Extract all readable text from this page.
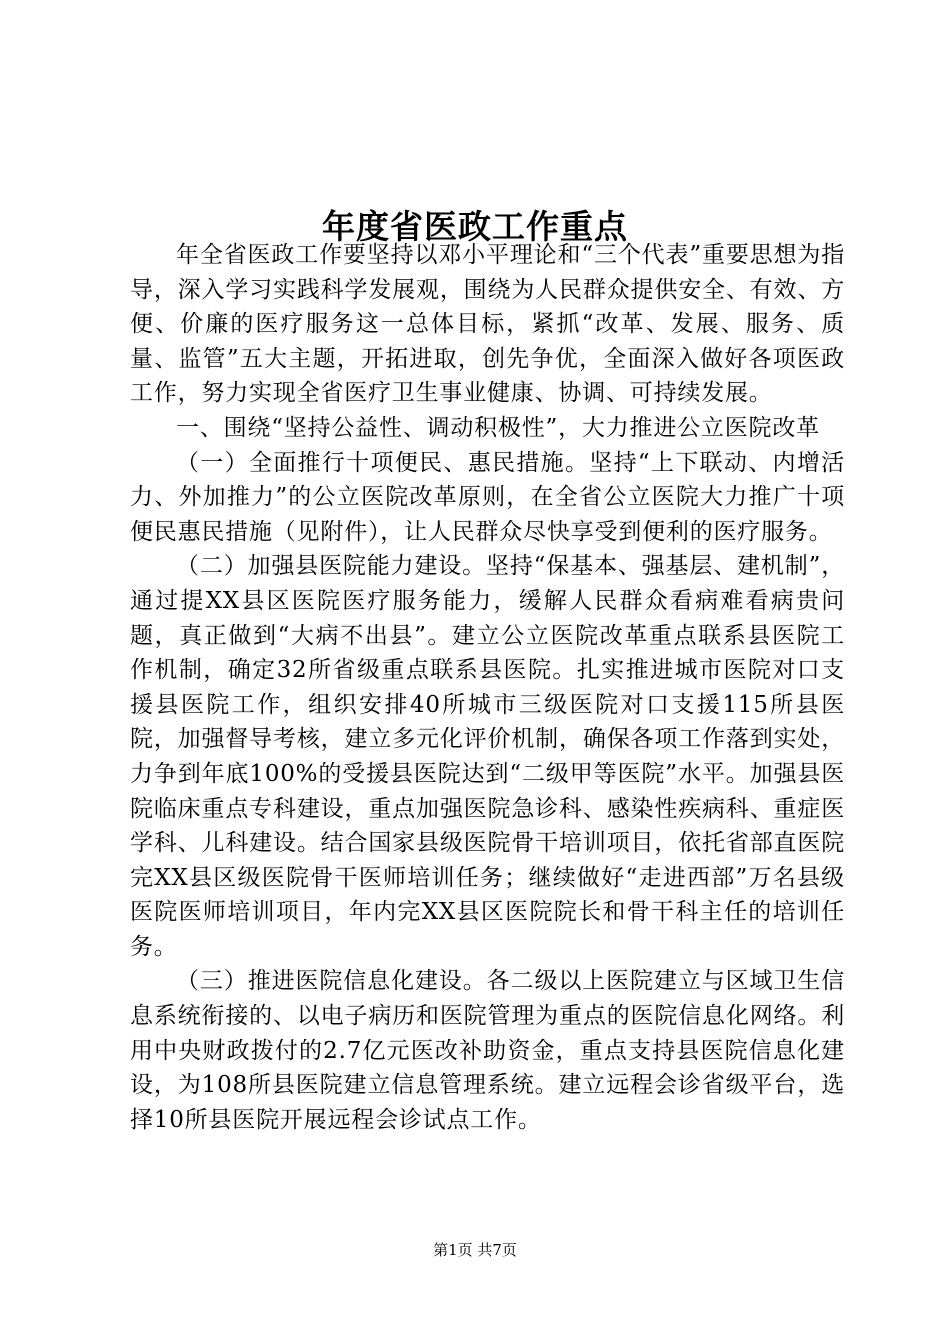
年度省医政工作重点

年全省医政工作要坚持以邓小平理论和“三个代表”重要思想为指导，深入学习实践科学发展观，围绕为人民群众提供安全、有效、方便、价廉的医疗服务这一总体目标，紧抓“改革、发展、服务、质量、监管”五大主题，开拓进取，创先争优，全面深入做好各项医政工作，努力实现全省医疗卫生事业健康、协调、可持续发展。

一、围绕“坚持公益性、调动积极性”，大力推进公立医院改革

（一）全面推行十项便民、惠民措施。坚持“上下联动、内增活力、外加推力”的公立医院改革原则，在全省公立医院大力推广十项便民惠民措施（见附件），让人民群众尽快享受到便利的医疗服务。

（二）加强县医院能力建设。坚持“保基本、强基层、建机制”，通过提XX县区医院医疗服务能力，缓解人民群众看病难看病贵问题，真正做到“大病不出县”。建立公立医院改革重点联系县医院工作机制，确定32所省级重点联系县医院。扎实推进城市医院对口支援县医院工作，组织安排40所城市三级医院对口支援115所县医院，加强督导考核，建立多元化评价机制，确保各项工作落到实处，力争到年底100%的受援县医院达到“二级甲等医院”水平。加强县医院临床重点专科建设，重点加强医院急诊科、感染性疾病科、重症医学科、儿科建设。结合国家县级医院骨干培训项目，依托省部直医院完XX县区级医院骨干医师培训任务；继续做好“走进西部”万名县级医院医师培训项目，年内完XX县区医院院长和骨干科主任的培训任务。

（三）推进医院信息化建设。各二级以上医院建立与区域卫生信息系统衔接的、以电子病历和医院管理为重点的医院信息化网络。利用中央财政拨付的2.7亿元医改补助资金，重点支持县医院信息化建设，为108所县医院建立信息管理系统。建立远程会诊省级平台，选择10所县医院开展远程会诊试点工作。

第1页 共7页
